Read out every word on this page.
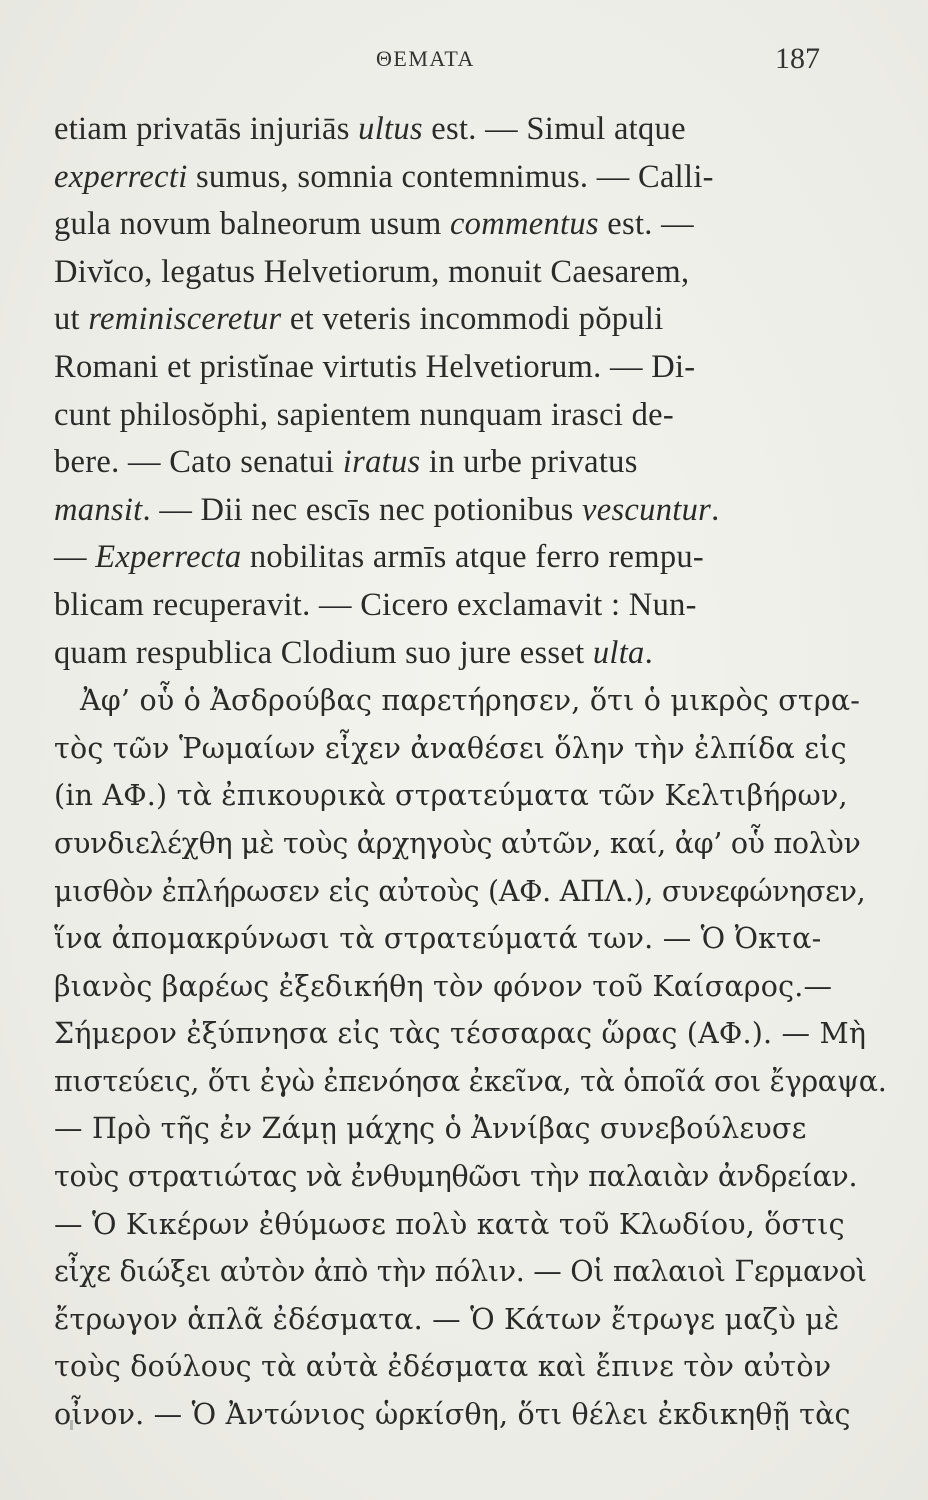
ΘΕΜΑΤΑ	187
etiam privatās injuriās ultus est. — Simul atque
experrecti sumus, somnia contemnimus. — Calli-
gula novum balneorum usum commentus est. —
Divĭco, legatus Helvetiorum, monuit Caesarem,
ut reminisceretur et veteris incommodi pŏpuli
Romani et pristĭnae virtutis Helvetiorum. — Di-
cunt philosŏphi, sapientem nunquam irasci de-
bere. — Cato senatui iratus in urbe privatus
mansit. — Dii nec escīs nec potionibus vescuntur.
— Experrecta nobilitas armīs atque ferro rempu-
blicam recuperavit. — Cicero exclamavit : Nun-
quam respublica Clodium suo jure esset ulta.
Ἀφ’ οὗ ὁ Ἀσδρούβας παρετήρησεν, ὅτι ὁ μικρὸς στρα-
τὸς τῶν Ῥωμαίων εἶχεν ἀναθέσει ὅλην τὴν ἐλπίδα εἰς
(in ΑΦ.) τὰ ἐπικουρικὰ στρατεύματα τῶν Κελτιβήρων,
συνδιελέχθη μὲ τοὺς ἀρχηγοὺς αὐτῶν, καί, ἀφ’ οὗ πολὺν
μισθὸν ἐπλήρωσεν εἰς αὐτοὺς (ΑΦ. ΑΠΛ.), συνεφώνησεν,
ἵνα ἀπομακρύνωσι τὰ στρατεύματά των. — Ὁ Ὀκτα-
βιανὸς βαρέως ἐξεδικήθη τὸν φόνον τοῦ Καίσαρος.—
Σήμερον ἐξύπνησα εἰς τὰς τέσσαρας ὥρας (ΑΦ.). — Μὴ
πιστεύεις, ὅτι ἐγὼ ἐπενόησα ἐκεῖνα, τὰ ὁποῖά σοι ἔγραψα.
— Πρὸ τῆς ἐν Ζάμῃ μάχης ὁ Ἀννίβας συνεβούλευσε
τοὺς στρατιώτας νὰ ἐνθυμηθῶσι τὴν παλαιὰν ἀνδρείαν.
— Ὁ Κικέρων ἐθύμωσε πολὺ κατὰ τοῦ Κλωδίου, ὅστις
εἶχε διώξει αὐτὸν ἀπὸ τὴν πόλιν. — Οἱ παλαιοὶ Γερμανοὶ
ἔτρωγον ἁπλᾶ ἐδέσματα. — Ὁ Κάτων ἔτρωγε μαζὺ μὲ
τοὺς δούλους τὰ αὐτὰ ἐδέσματα καὶ ἔπινε τὸν αὐτὸν
οἶνον. — Ὁ Ἀντώνιος ὡρκίσθη, ὅτι θέλει ἐκδικηθῇ τὰς
